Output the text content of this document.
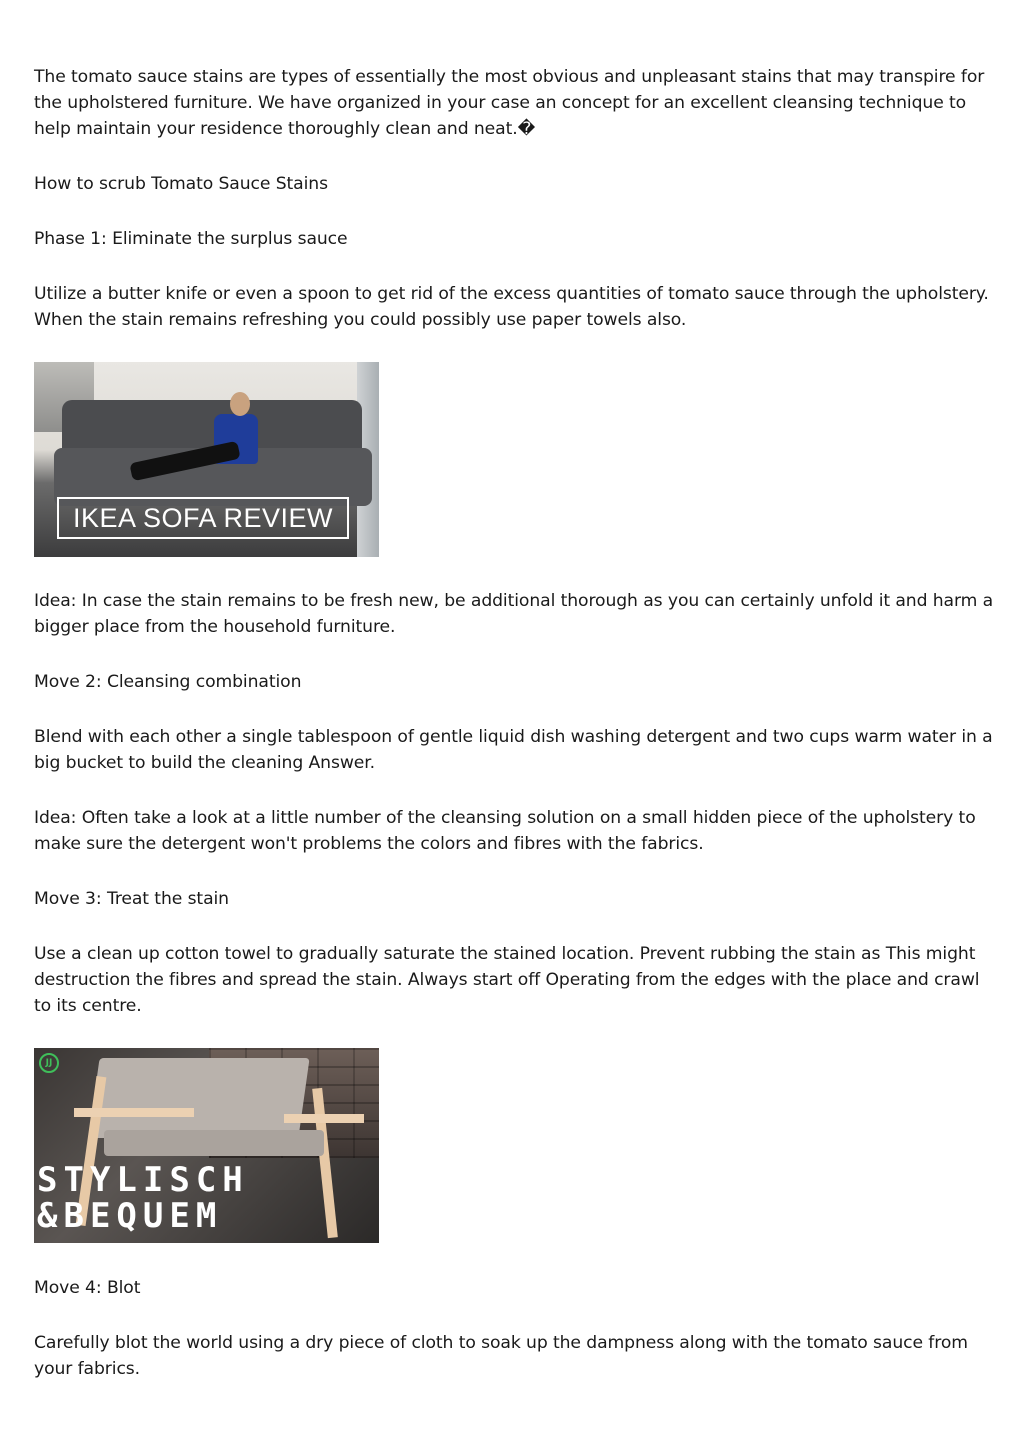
The tomato sauce stains are types of essentially the most obvious and unpleasant stains that may transpire for the upholstered furniture. We have organized in your case an concept for an excellent cleansing technique to help maintain your residence thoroughly clean and neat.�

How to scrub Tomato Sauce Stains

Phase 1: Eliminate the surplus sauce

Utilize a butter knife or even a spoon to get rid of the excess quantities of tomato sauce through the upholstery. When the stain remains refreshing you could possibly use paper towels also.

IKEA SOFA REVIEW

Idea: In case the stain remains to be fresh new, be additional thorough as you can certainly unfold it and harm a bigger place from the household furniture.

Move 2: Cleansing combination

Blend with each other a single tablespoon of gentle liquid dish washing detergent and two cups warm water in a big bucket to build the cleaning Answer.

Idea: Often take a look at a little number of the cleansing solution on a small hidden piece of the upholstery to make sure the detergent won't problems the colors and fibres with the fabrics.

Move 3: Treat the stain

Use a clean up cotton towel to gradually saturate the stained location. Prevent rubbing the stain as This might destruction the fibres and spread the stain. Always start off Operating from the edges with the place and crawl to its centre.

JJ
STYLISCH
&BEQUEM

Move 4: Blot

Carefully blot the world using a dry piece of cloth to soak up the dampness along with the tomato sauce from your fabrics.
